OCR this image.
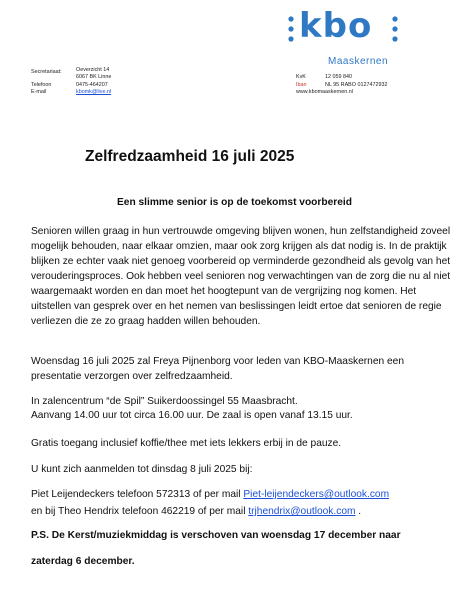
kbo
Maaskernen
Secretariaat:	Oeverzicht 14
6067 BK Linne
Telefoon	0475-464207
E-mail	kbomk@live.nl
KvK	12 059 840
Iban	NL 95 RABO 0127472932
www.kbomaaskernen.nl
Zelfredzaamheid 16 juli 2025
Een slimme senior is op de toekomst voorbereid
Senioren willen graag in hun vertrouwde omgeving blijven wonen, hun zelfstandigheid zoveel mogelijk behouden, naar elkaar omzien, maar ook zorg krijgen als dat nodig is. In de praktijk blijken ze echter vaak niet genoeg voorbereid op verminderde gezondheid als gevolg van het verouderingsproces. Ook hebben veel senioren nog verwachtingen van de zorg die nu al niet waargemaakt worden en dan moet het hoogtepunt van de vergrijzing nog komen. Het uitstellen van gesprek over en het nemen van beslissingen leidt ertoe dat senioren de regie verliezen die ze zo graag hadden willen behouden.
Woensdag 16 juli 2025 zal Freya Pijnenborg voor leden van KBO-Maaskernen een presentatie verzorgen over zelfredzaamheid.
In zalencentrum “de Spil” Suikerdoossingel 55 Maasbracht.
Aanvang 14.00 uur tot circa 16.00 uur. De zaal is open vanaf 13.15 uur.
Gratis toegang inclusief koffie/thee met iets lekkers erbij in de pauze.
U kunt zich aanmelden tot dinsdag 8 juli 2025 bij:
Piet Leijendeckers telefoon 572313 of per mail Piet-leijendeckers@outlook.com
en bij Theo Hendrix telefoon 462219 of per mail trjhendrix@outlook.com .
P.S. De Kerst/muziekmiddag is verschoven van woensdag 17 december naar
zaterdag 6 december.
